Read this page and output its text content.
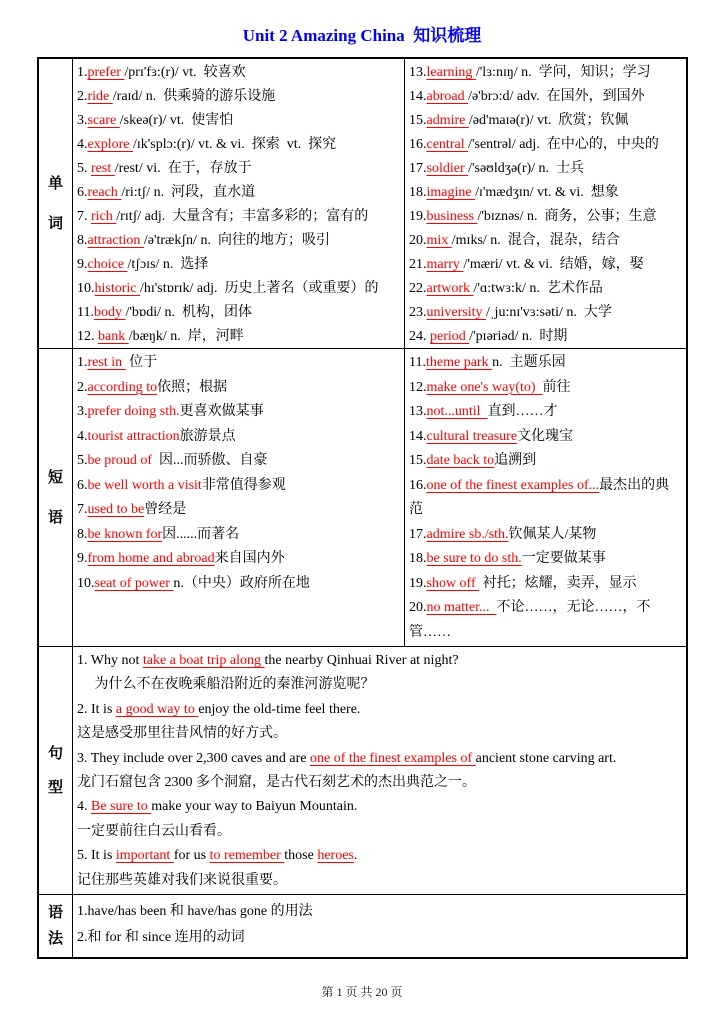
Unit 2 Amazing China  知识梳理
单词
1.prefer /prɪ'fɜ:(r)/ vt.  较喜欢
2.ride /raɪd/ n.  供乘骑的游乐设施
3.scare /skeə(r)/ vt.  使害怕
4.explore /ɪk'splɔ:(r)/ vt. & vi.  探索  vt.  探究
5. rest /rest/ vi.  在于，存放于
6.reach /ri:tʃ/ n.  河段，直水道
7. rich /rɪtʃ/ adj.  大量含有；丰富多彩的；富有的
8.attraction /ə'trækʃn/ n.  向往的地方；吸引
9.choice /tʃɔɪs/ n.  选择
10.historic /hɪ'stɒrɪk/ adj.  历史上著名（或重要）的
11.body /'bɒdi/ n.  机构，团体
12. bank /bæŋk/ n.  岸，河畔
13.learning /'lɜ:nɪŋ/ n.  学问，知识；学习
14.abroad /ə'brɔ:d/ adv.  在国外，到国外
15.admire /əd'maɪə(r)/ vt.  欣赏；钦佩
16.central /'sentrəl/ adj.  在中心的，中央的
17.soldier /'səʊldʒə(r)/ n.  士兵
18.imagine /ɪ'mædʒɪn/ vt. & vi.  想象
19.business /'bɪznəs/ n.  商务，公事；生意
20.mix /mɪks/ n.  混合，混杂，结合
21.marry /'mæri/ vt. & vi.  结婚，嫁，娶
22.artwork /'ɑ:twɜ:k/ n.  艺术作品
23.university /ˌju:nɪ'vɜ:səti/ n.  大学
24. period /'pɪəriəd/ n.  时期
短语
1.rest in  位于
2.according to依照；根据
3.prefer doing sth.更喜欢做某事
4.tourist attraction旅游景点
5.be proud of  因...而骄傲、自豪
6.be well worth a visit非常值得参观
7.used to be曾经是
8.be known for因......而著名
9.from home and abroad来自国内外
10.seat of power n.（中央）政府所在地
11.theme park n.  主题乐园
12.make one's way(to)  前往
13.not...until  直到……才
14.cultural treasure文化瑰宝
15.date back to追溯到
16.one of the finest examples of...最杰出的典范
17.admire sb./sth.钦佩某人/某物
18.be sure to do sth.一定要做某事
19.show off  衬托；炫耀，卖弄，显示
20.no matter...  不论……，无论……，不管……
句型
1. Why not take a boat trip along the nearby Qinhuai River at night?
　 为什么不在夜晚乘船沿附近的秦淮河游览呢？
2. It is a good way to enjoy the old-time feel there.
这是感受那里往昔风情的好方式。
3. They include over 2,300 caves and are one of the finest examples of ancient stone carving art.
龙门石窟包含 2300 多个洞窟，是古代石刻艺术的杰出典范之一。
4. Be sure to make your way to Baiyun Mountain.
一定要前往白云山看看。
5. It is important for us to remember those heroes.
记住那些英雄对我们来说很重要。
语法
1.have/has been 和 have/has gone 的用法
2.和 for 和 since 连用的动词
第 1 页 共 20 页
